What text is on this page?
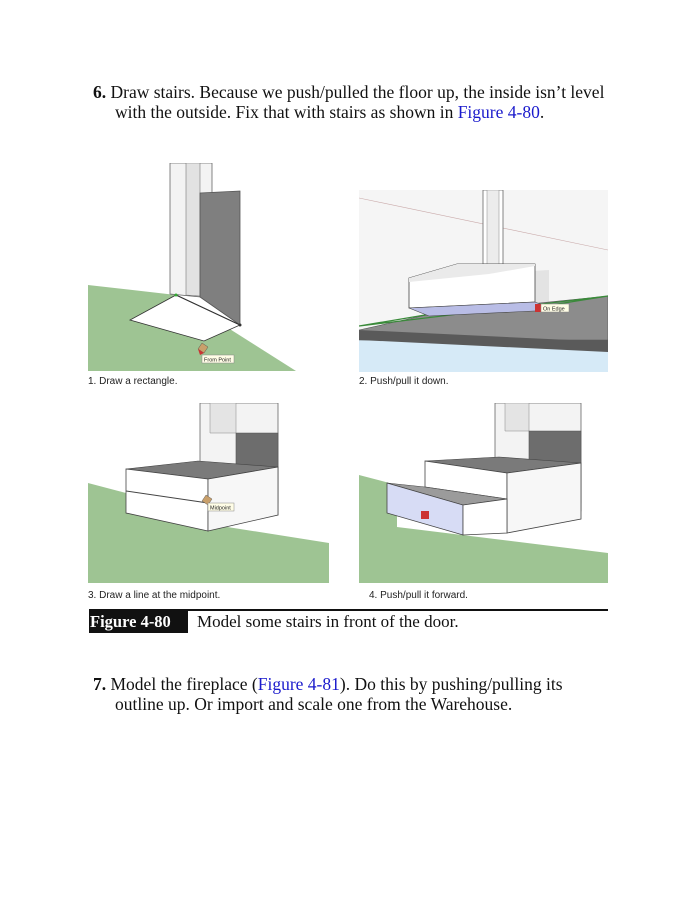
6. Draw stairs. Because we push/pulled the floor up, the inside isn’t level with the outside. Fix that with stairs as shown in Figure 4-80.

From Point
1. Draw a rectangle.
On Edge
2. Push/pull it down.
Midpoint
3. Draw a line at the midpoint.	4. Push/pull it forward.
Figure 4-80	Model some stairs in front of the door.

7. Model the fireplace (Figure 4-81). Do this by pushing/pulling its outline up. Or import and scale one from the Warehouse.
